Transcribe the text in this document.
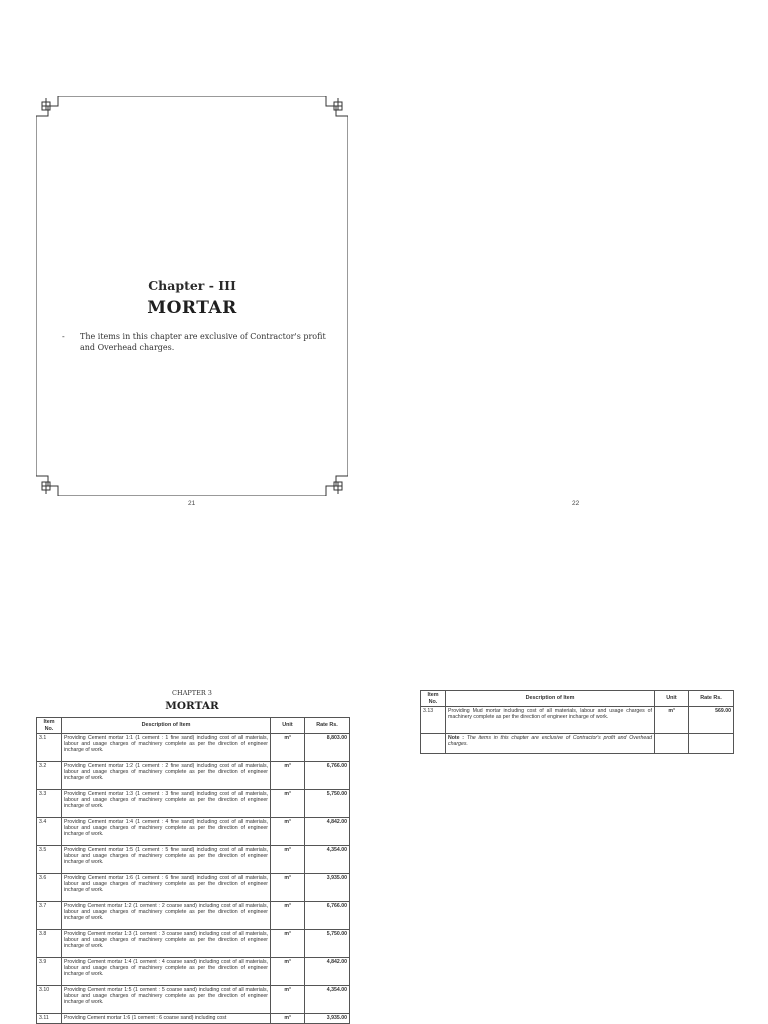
Chapter - III
MORTAR
- The items in this chapter are exclusive of Contractor's profit and Overhead charges.
21	22
CHAPTER 3
MORTAR
Item No.	Description of Item	Unit	Rate Rs.
3.1	Providing Cement mortar 1:1 (1 cement : 1 fine sand) including cost of all materials, labour and usage charges of machinery complete as per the direction of engineer incharge of work.	m³	8,803.00
3.2	Providing Cement mortar 1:2 (1 cement : 2 fine sand) including cost of all materials, labour and usage charges of machinery complete as per the direction of engineer incharge of work.	m³	6,766.00
3.3	Providing Cement mortar 1:3 (1 cement : 3 fine sand) including cost of all materials, labour and usage charges of machinery complete as per the direction of engineer incharge of work.	m³	5,750.00
3.4	Providing Cement mortar 1:4 (1 cement : 4 fine sand) including cost of all materials, labour and usage charges of machinery complete as per the direction of engineer incharge of work.	m³	4,842.00
3.5	Providing Cement mortar 1:5 (1 cement : 5 fine sand) including cost of all materials, labour and usage charges of machinery complete as per the direction of engineer incharge of work.	m³	4,354.00
3.6	Providing Cement mortar 1:6 (1 cement : 6 fine sand) including cost of all materials, labour and usage charges of machinery complete as per the direction of engineer incharge of work.	m³	3,935.00
3.7	Providing Cement mortar 1:2 (1 cement : 2 coarse sand) including cost of all materials, labour and usage charges of machinery complete as per the direction of engineer incharge of work.	m³	6,766.00
3.8	Providing Cement mortar 1:3 (1 cement : 3 coarse sand) including cost of all materials, labour and usage charges of machinery complete as per the direction of engineer incharge of work.	m³	5,750.00
3.9	Providing Cement mortar 1:4 (1 cement : 4 coarse sand) including cost of all materials, labour and usage charges of machinery complete as per the direction of engineer incharge of work.	m³	4,842.00
3.10	Providing Cement mortar 1:5 (1 cement : 5 coarse sand) including cost of all materials, labour and usage charges of machinery complete as per the direction of engineer incharge of work.	m³	4,354.00
3.11	Providing Cement mortar 1:6 (1 cement : 6 coarse sand) including cost	m³	3,935.00
Item No.	Description of Item	Unit	Rate Rs.
3.13	Providing Mud mortar including cost of all materials, labour and usage charges of machinery complete as per the direction of engineer incharge of work.	m³	569.00
	Note : The items in this chapter are exclusive of Contractor's profit and Overhead charges.		
